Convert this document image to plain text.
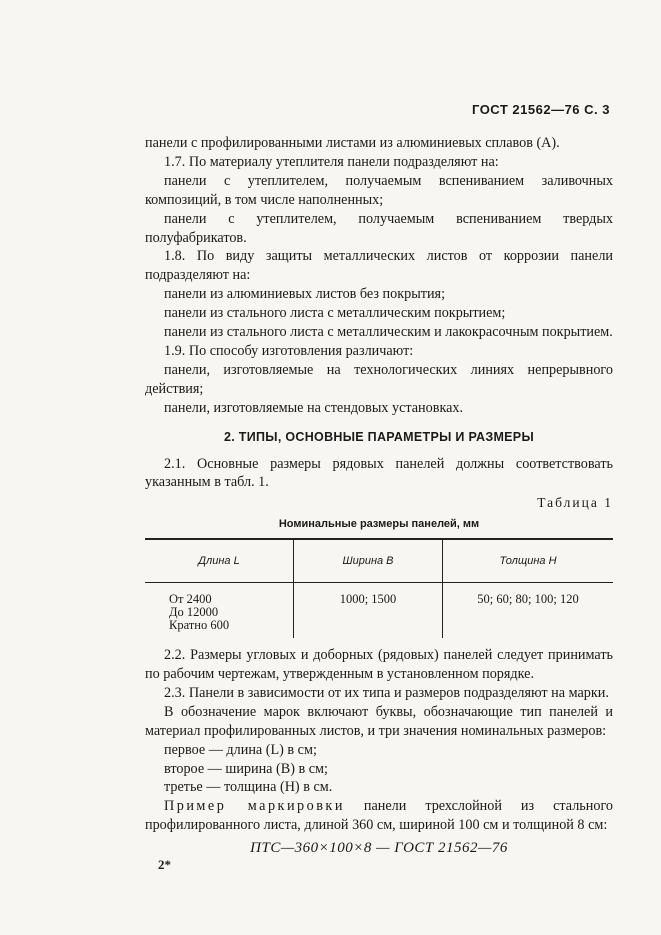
ГОСТ 21562—76 С. 3

панели с профилированными листами из алюминиевых сплавов (А).

1.7. По материалу утеплителя панели подразделяют на:

панели с утеплителем, получаемым вспениванием заливочных композиций, в том числе наполненных;

панели с утеплителем, получаемым вспениванием твердых полуфабрикатов.

1.8. По виду защиты металлических листов от коррозии панели подразделяют на:

панели из алюминиевых листов без покрытия;

панели из стального листа с металлическим покрытием;

панели из стального листа с металлическим и лакокрасочным покрытием.

1.9. По способу изготовления различают:

панели, изготовляемые на технологических линиях непрерывного действия;

панели, изготовляемые на стендовых установках.

2. ТИПЫ, ОСНОВНЫЕ ПАРАМЕТРЫ И РАЗМЕРЫ

2.1. Основные размеры рядовых панелей должны соответствовать указанным в табл. 1.

Таблица 1
Номинальные размеры панелей, мм
Длина L	Ширина B	Толщина H

От 2400
До 12000
Кратно 600	1000; 1500	50; 60; 80; 100; 120

2.2. Размеры угловых и доборных (рядовых) панелей следует принимать по рабочим чертежам, утвержденным в установленном порядке.

2.3. Панели в зависимости от их типа и размеров подразделяют на марки.

В обозначение марок включают буквы, обозначающие тип панелей и материал профилированных листов, и три значения номинальных размеров:

первое — длина (L) в см;

второе — ширина (B) в см;

третье — толщина (H) в см.

Пример маркировки панели трехслойной из стального профилированного листа, длиной 360 см, шириной 100 см и толщиной 8 см:

ПТС—360×100×8 — ГОСТ 21562—76
2*
